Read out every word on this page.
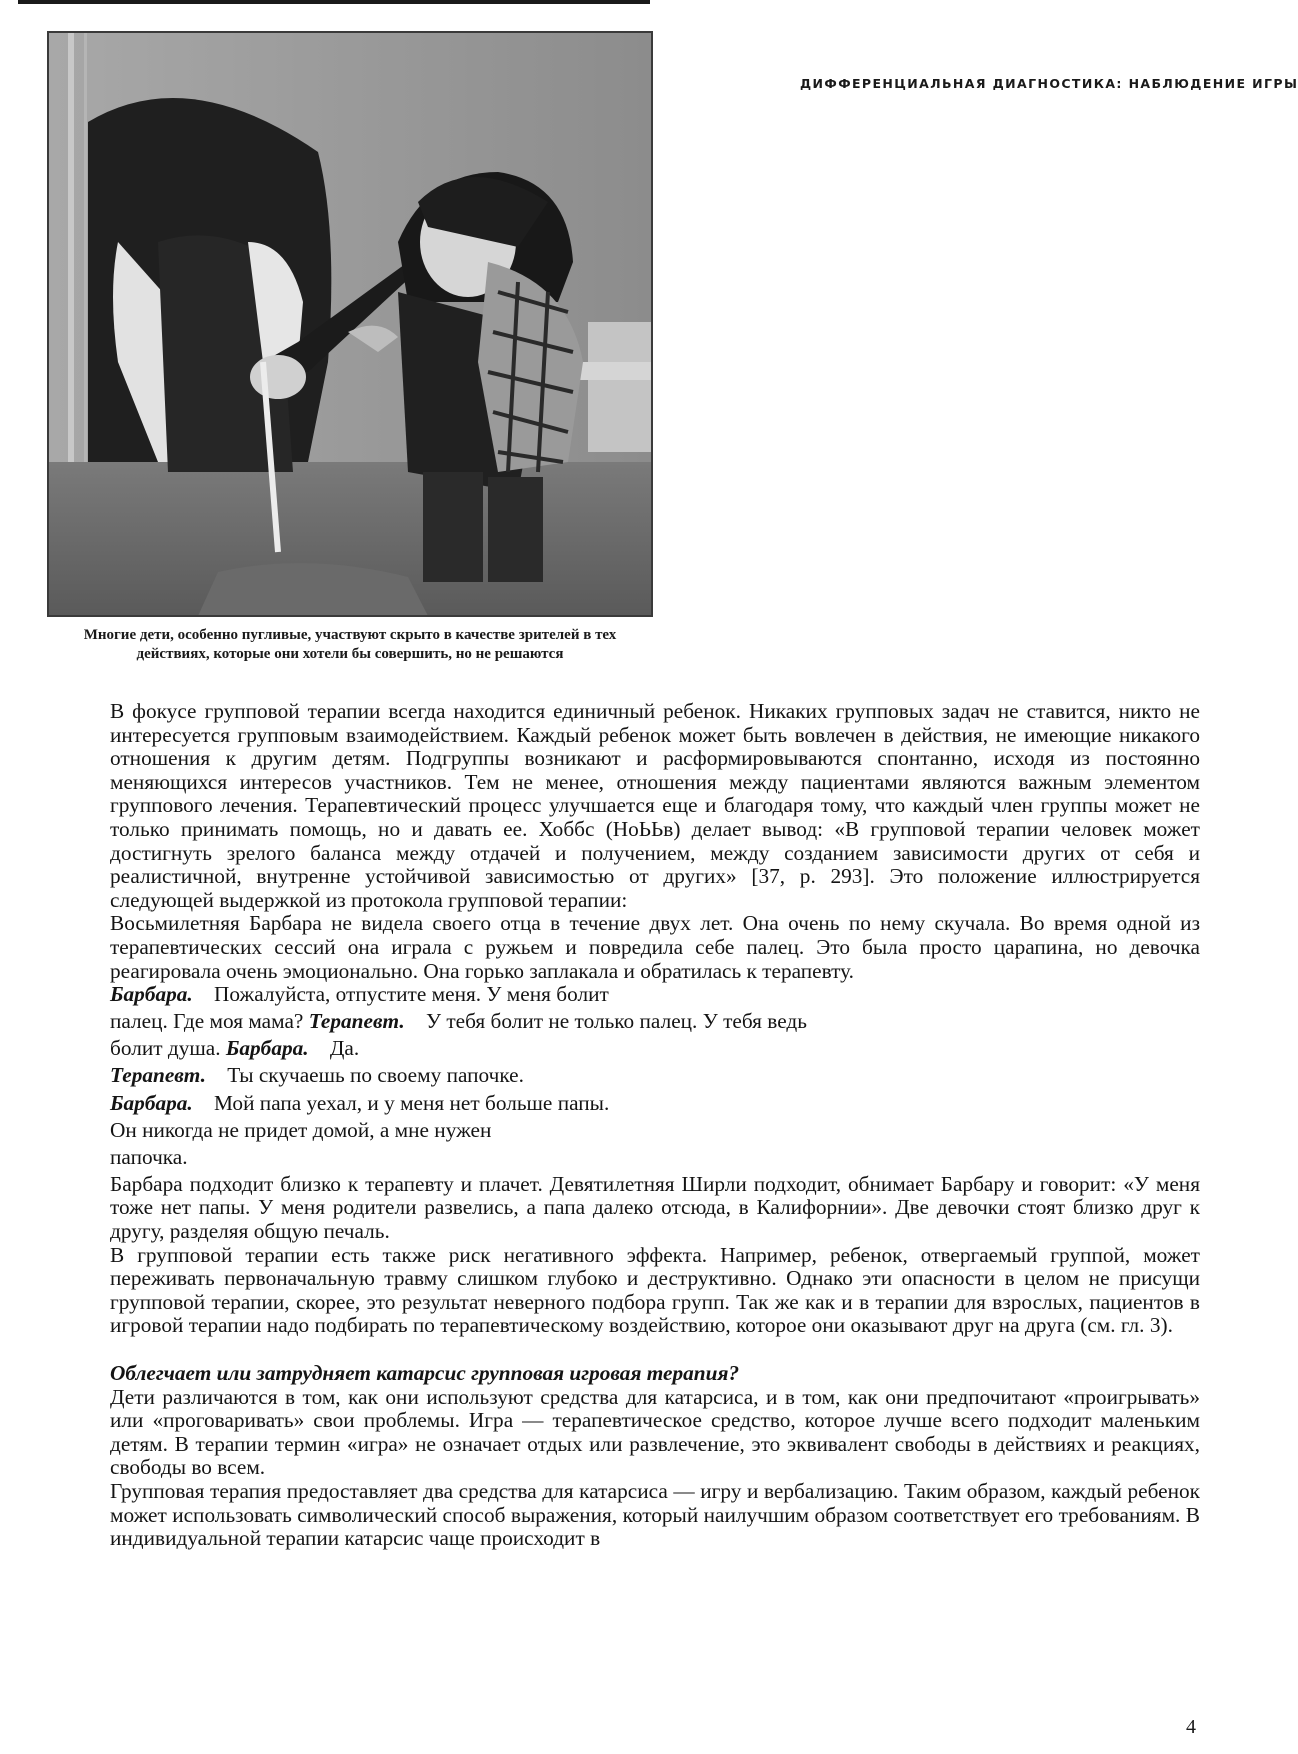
ДИФФЕРЕНЦИАЛЬНАЯ ДИАГНОСТИКА: НАБЛЮДЕНИЕ ИГРЫ
Многие дети, особенно пугливые, участвуют скрыто в качестве зрителей в тех действиях, которые они хотели бы совершить, но не решаются

В фокусе групповой терапии всегда находится единичный ребенок. Никаких групповых задач не ставится, никто не интересуется групповым взаимодействием. Каждый ребенок может быть вовлечен в действия, не имеющие никакого отношения к другим детям. Подгруппы возникают и расформировываются спонтанно, исходя из постоянно меняющихся интересов участников. Тем не менее, отношения между пациентами являются важным элементом группового лечения. Терапевтический процесс улучшается еще и благодаря тому, что каждый член группы может не только принимать помощь, но и давать ее. Хоббс (НоЬЬв) делает вывод: «В групповой терапии человек может достигнуть зрелого баланса между отдачей и получением, между созданием зависимости других от себя и реалистичной, внутренне устойчивой зависимостью от других» [37, р. 293]. Это положение иллюстрируется следующей выдержкой из протокола групповой терапии:

Восьмилетняя Барбара не видела своего отца в течение двух лет. Она очень по нему скучала. Во время одной из терапевтических сессий она играла с ружьем и повредила себе палец. Это была просто царапина, но девочка реагировала очень эмоционально. Она горько заплакала и обратилась к терапевту.

Барбара. Пожалуйста, отпустите меня. У меня болит

палец. Где моя мама? Терапевт. У тебя болит не только палец. У тебя ведь

болит душа. Барбара. Да.

Терапевт. Ты скучаешь по своему папочке.

Барбара. Мой папа уехал, и у меня нет больше папы.

Он никогда не придет домой, а мне нужен

папочка.

Барбара подходит близко к терапевту и плачет. Девятилетняя Ширли подходит, обнимает Барбару и говорит: «У меня тоже нет папы. У меня родители развелись, а папа далеко отсюда, в Калифорнии». Две девочки стоят близко друг к другу, разделяя общую печаль.

В групповой терапии есть также риск негативного эффекта. Например, ребенок, отвергаемый группой, может переживать первоначальную травму слишком глубоко и деструктивно. Однако эти опасности в целом не присущи групповой терапии, скорее, это результат неверного подбора групп. Так же как и в терапии для взрослых, пациентов в игровой терапии надо подбирать по терапевтическому воздействию, которое они оказывают друг на друга (см. гл. 3).

Облегчает или затрудняет катарсис групповая игровая терапия?

Дети различаются в том, как они используют средства для катарсиса, и в том, как они предпочитают «проигрывать» или «проговаривать» свои проблемы. Игра — терапевтическое средство, которое лучше всего подходит маленьким детям. В терапии термин «игра» не означает отдых или развлечение, это эквивалент свободы в действиях и реакциях, свободы во всем.

Групповая терапия предоставляет два средства для катарсиса — игру и вербализацию. Таким образом, каждый ребенок может использовать символический способ выражения, который наилучшим образом соответствует его требованиям. В индивидуальной терапии катарсис чаще происходит в

4
